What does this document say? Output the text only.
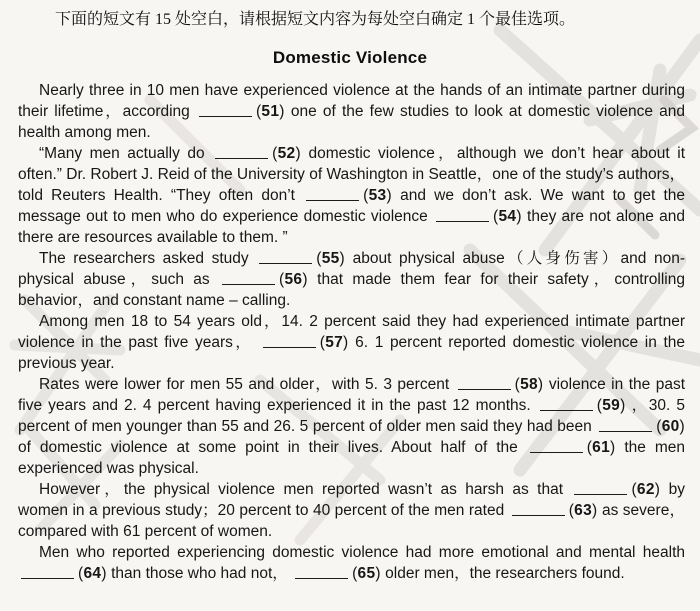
下面的短文有 15 处空白，请根据短文内容为每处空白确定 1 个最佳选项。

Domestic Violence

Nearly three in 10 men have experienced violence at the hands of an intimate partner during their lifetime，according	(51) one of the few studies to look at domestic violence and health among men.

“Many men actually do	(52) domestic violence，although we don’t hear about it often.” Dr. Robert J. Reid of the University of Washington in Seattle，one of the study’s authors，told Reuters Health. “They often don’t	(53) and we don’t ask. We want to get the message out to men who do experience domestic violence	(54) they are not alone and there are resources available to them. ”

The researchers asked study	(55) about physical abuse（人身伤害）and non-physical abuse，such as	(56) that made them fear for their safety，controlling behavior，and constant name – calling.

Among men 18 to 54 years old，14. 2 percent said they had experienced intimate partner violence in the past five years，	(57) 6. 1 percent reported domestic violence in the previous year.

Rates were lower for men 55 and older，with 5. 3 percent	(58) violence in the past five years and 2. 4 percent having experienced it in the past 12 months.	(59) ，30. 5 percent of men younger than 55 and 26. 5 percent of older men said they had been	(60) of domestic violence at some point in their lives. About half of the	(61) the men experienced was physical.

However，the physical violence men reported wasn’t as harsh as that	(62) by women in a previous study；20 percent to 40 percent of the men rated	(63) as severe，compared with 61 percent of women.

Men who reported experiencing domestic violence had more emotional and mental health (64) than those who had not，	(65) older men，the researchers found.
